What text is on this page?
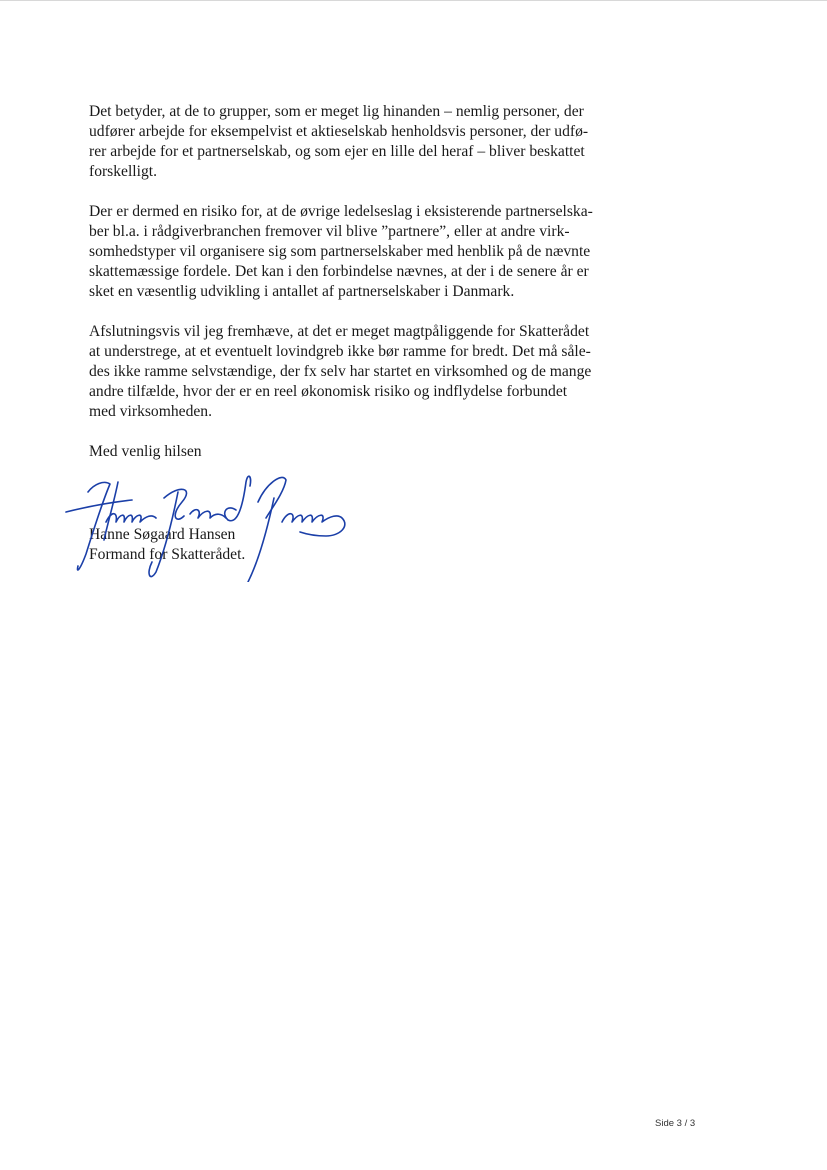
Det betyder, at de to grupper, som er meget lig hinanden – nemlig personer, der
udfører arbejde for eksempelvist et aktieselskab henholdsvis personer, der udfø-
rer arbejde for et partnerselskab, og som ejer en lille del heraf – bliver beskattet
forskelligt.

Der er dermed en risiko for, at de øvrige ledelseslag i eksisterende partnerselska-
ber bl.a. i rådgiverbranchen fremover vil blive ”partnere”, eller at andre virk-
somhedstyper vil organisere sig som partnerselskaber med henblik på de nævnte
skattemæssige fordele. Det kan i den forbindelse nævnes, at der i de senere år er
sket en væsentlig udvikling i antallet af partnerselskaber i Danmark.

Afslutningsvis vil jeg fremhæve, at det er meget magtpåliggende for Skatterådet
at understrege, at et eventuelt lovindgreb ikke bør ramme for bredt. Det må såle-
des ikke ramme selvstændige, der fx selv har startet en virksomhed og de mange
andre tilfælde, hvor der er en reel økonomisk risiko og indflydelse forbundet
med virksomheden.

Med venlig hilsen

Hanne Søgaard Hansen
Formand for Skatterådet.
Side 3 / 3
